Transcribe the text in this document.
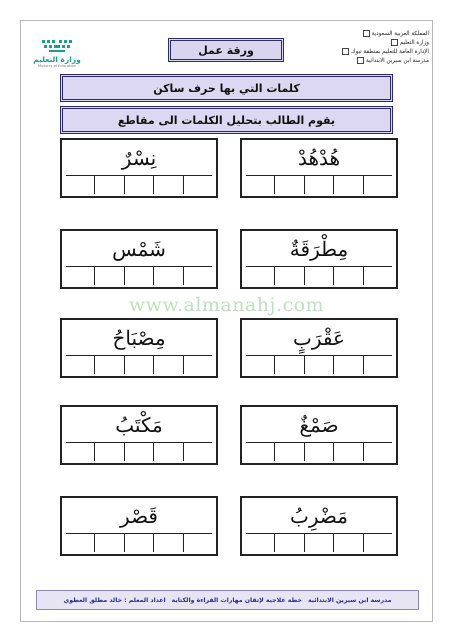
المملكة العربية السعودية
وزارة التعليم
الإدارة العامة للتعليم بمنطقة تبوك
مدرسة ابن سيرين الابتدائية
ورقة عمل
وزارة التعليم
Ministry of Education
كلمات التي بها حرف ساكن
يقوم الطالب بتحليل الكلمات الى مقاطع
هُدْهُدْ
نِسْرٌ
مِطْرَقَةٌ
شَمْس
www.almanahj.com
عَقْرَبٍ
مِصْبَاحُ
صَمْغٌ
مَكْتَبُ
مَضْرِبُ
قَصْر
مدرسة ابن سيرين الابتدائية
خطة علاجية لإتقان مهارات القراءة والكتابة
اعداد المعلم : خالد مطلق العطوي
